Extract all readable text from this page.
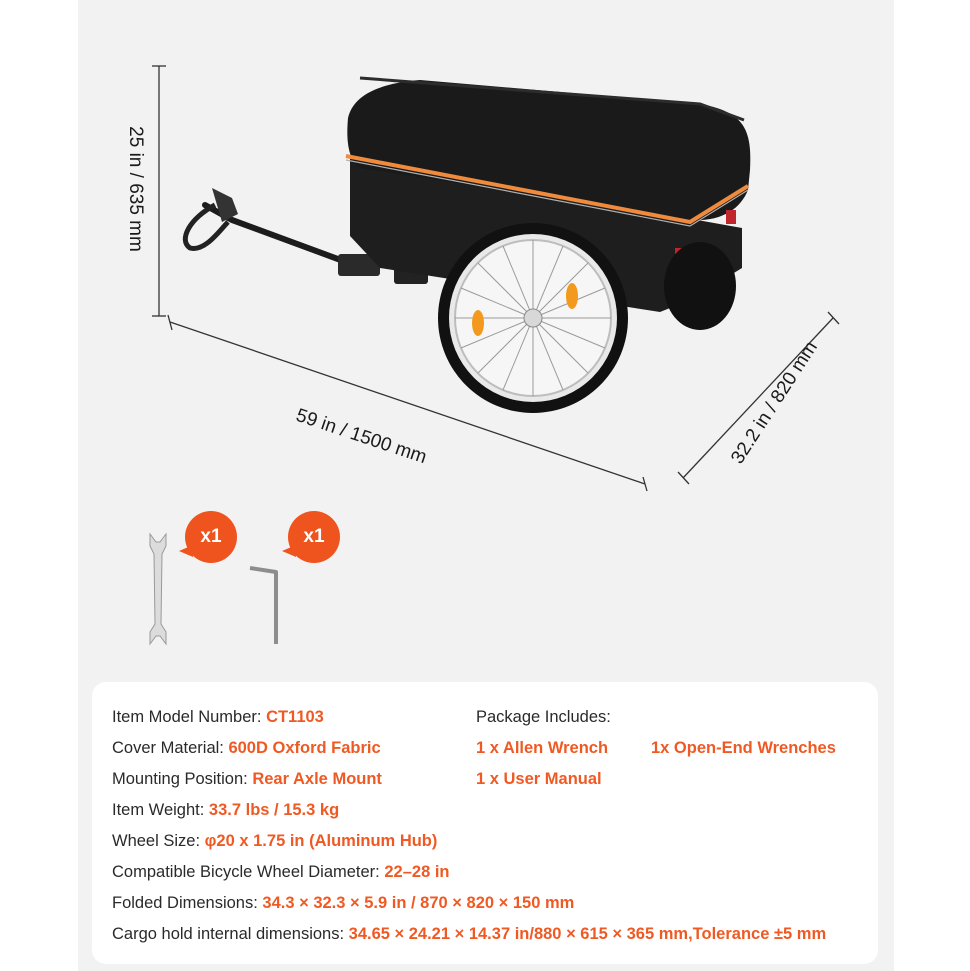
25 in / 635 mm
59 in / 1500 mm	32.2 in / 820 mm
x1	x1
Item Model Number: CT1103
Cover Material: 600D Oxford Fabric
Mounting Position: Rear Axle Mount
Item Weight: 33.7 lbs / 15.3 kg
Wheel Size: φ20 x 1.75 in (Aluminum Hub)
Compatible Bicycle Wheel Diameter: 22–28 in
Folded Dimensions: 34.3 × 32.3 × 5.9 in / 870 × 820 × 150 mm
Cargo hold internal dimensions: 34.65 × 24.21 × 14.37 in/880 × 615 × 365 mm,Tolerance ±5 mm
Package Includes:
1 x Allen Wrench	1x Open-End Wrenches
1 x User Manual
